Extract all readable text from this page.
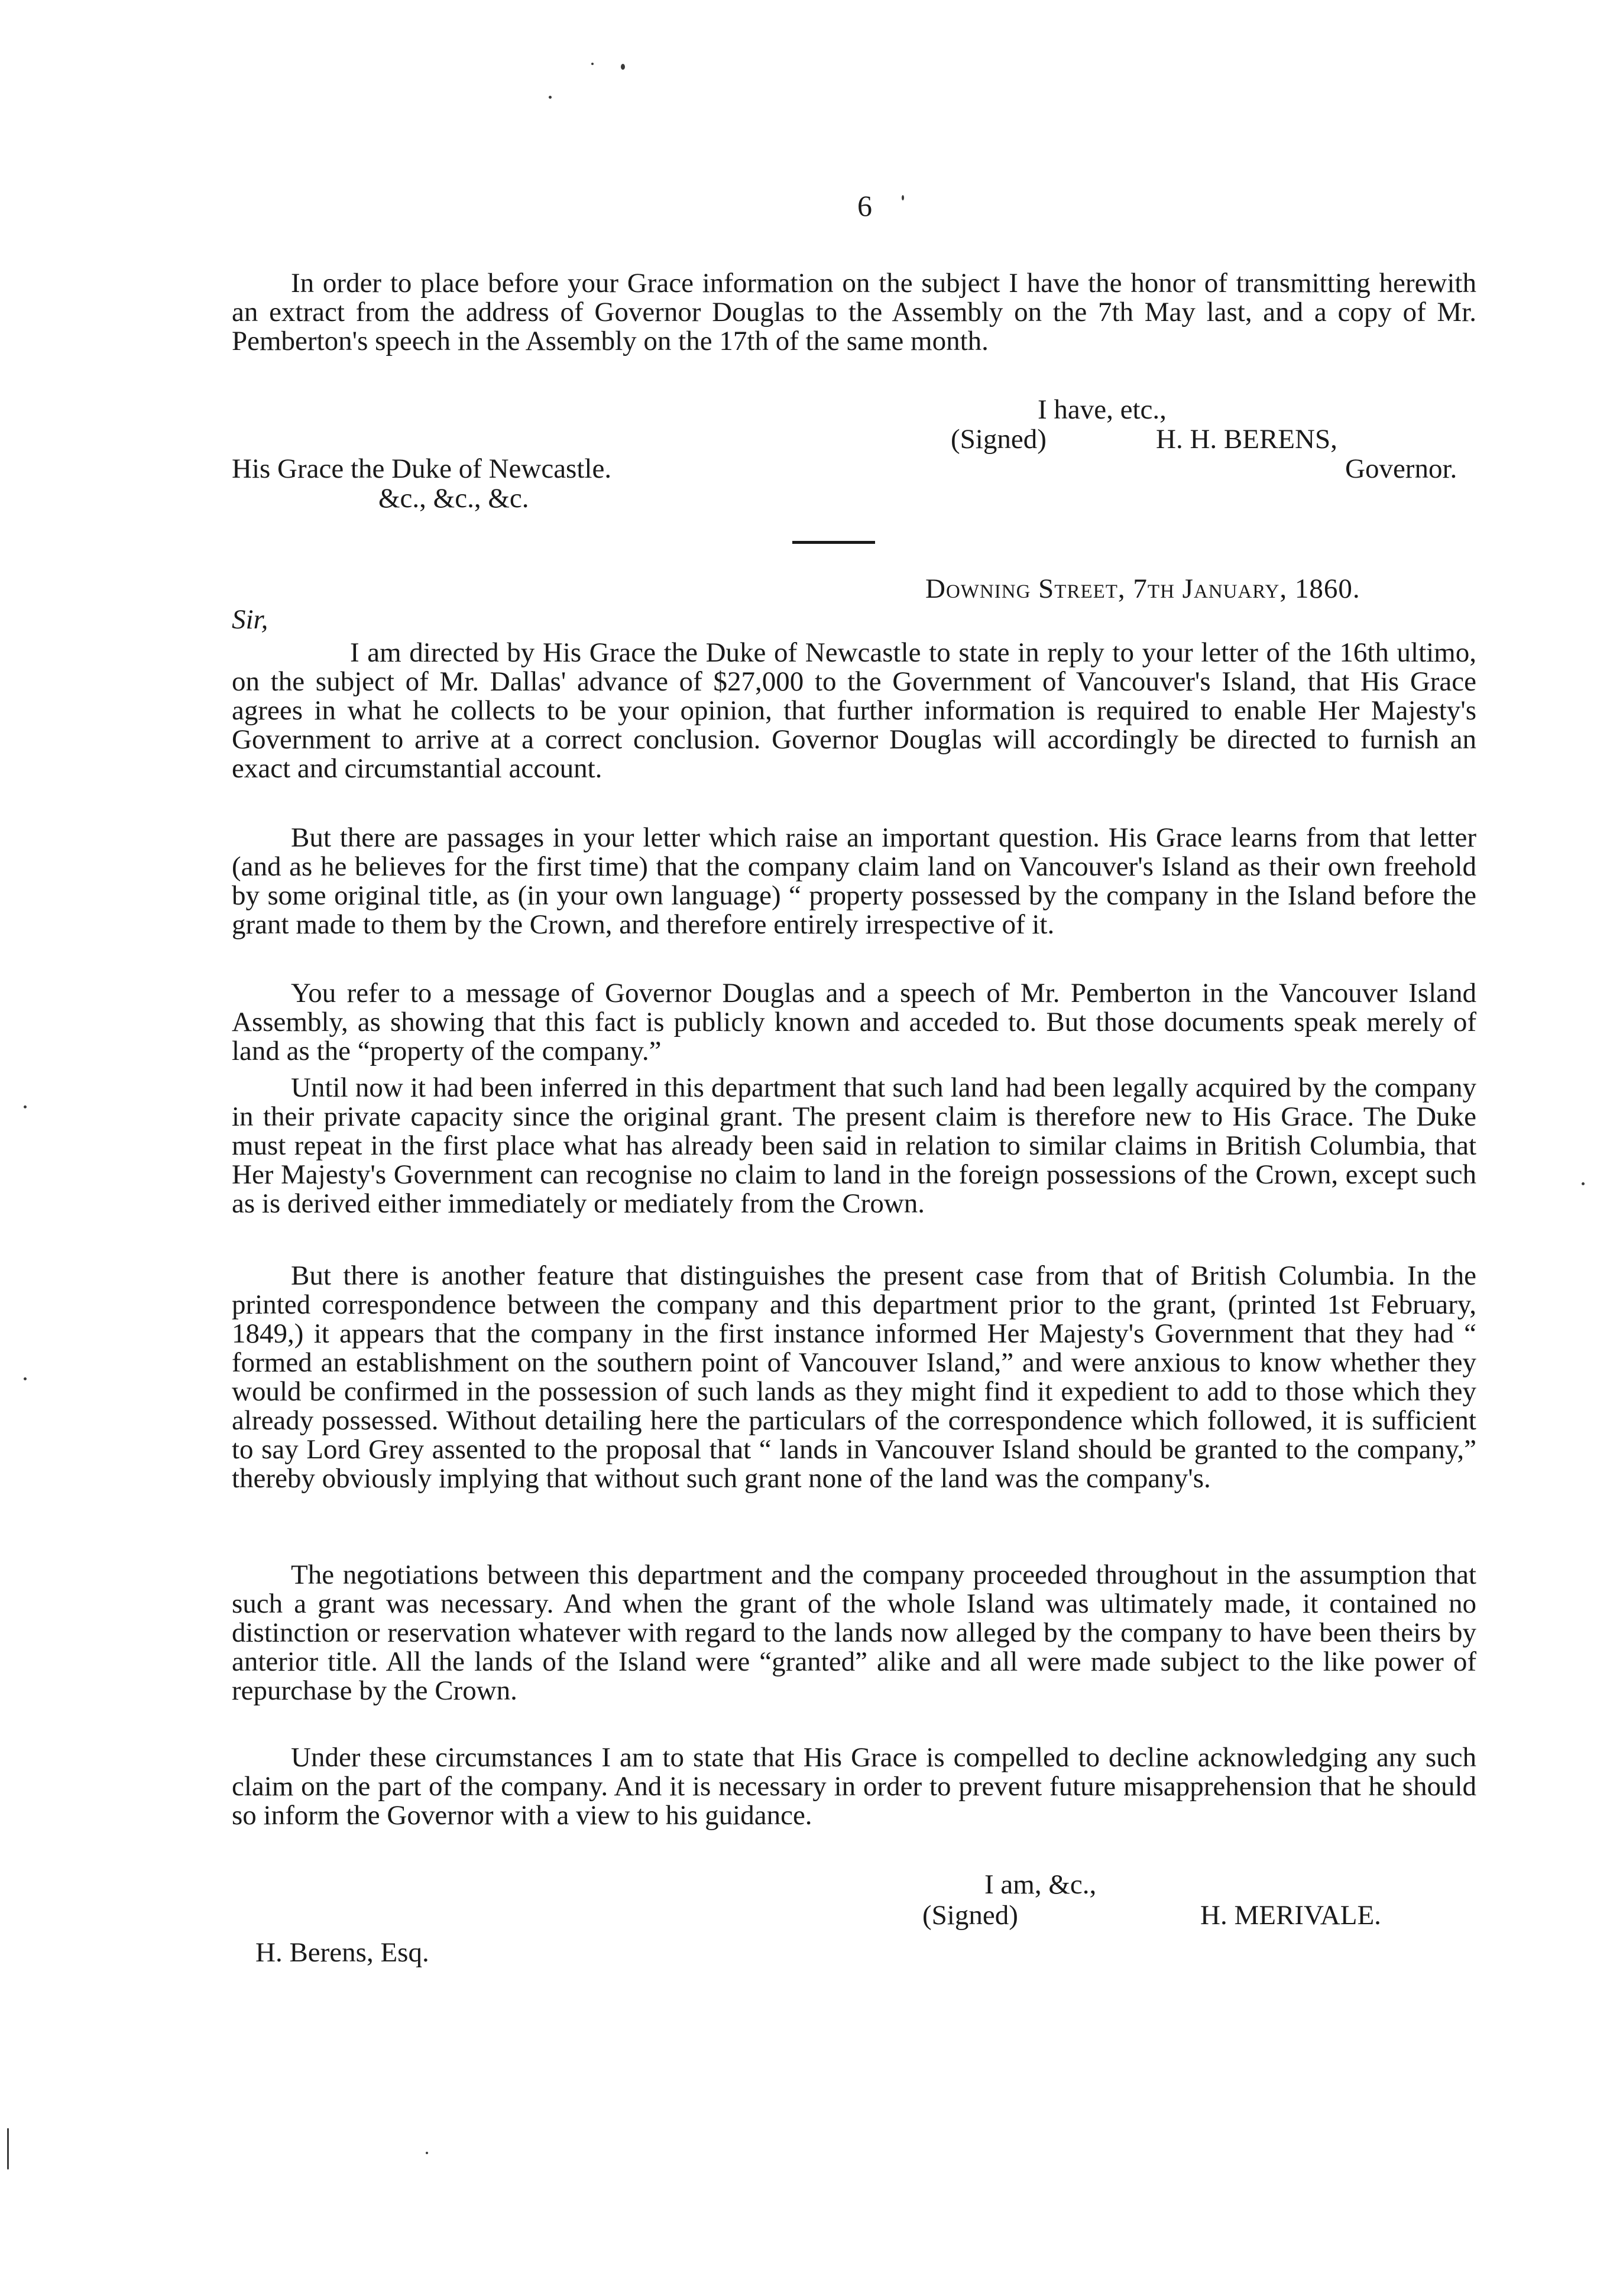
6
In order to place before your Grace information on the subject I have the honor of transmitting herewith an extract from the address of Governor Douglas to the Assembly on the 7th May last, and a copy of Mr. Pemberton's speech in the Assembly on the 17th of the same month.
I have, etc.,
(Signed)	H. H. BERENS,
His Grace the Duke of Newcastle.	Governor.
&c., &c., &c.
Downing Street, 7th January, 1860.
Sir,
I am directed by His Grace the Duke of Newcastle to state in reply to your letter of the 16th ultimo, on the subject of Mr. Dallas' advance of $27,000 to the Government of Vancouver's Island, that His Grace agrees in what he collects to be your opinion, that further information is required to enable Her Majesty's Government to arrive at a correct conclusion. Governor Douglas will accordingly be directed to furnish an exact and circumstantial account.
But there are passages in your letter which raise an important question. His Grace learns from that letter (and as he believes for the first time) that the company claim land on Vancouver's Island as their own freehold by some original title, as (in your own language) “ property possessed by the company in the Island before the grant made to them by the Crown, and therefore entirely irrespective of it.
You refer to a message of Governor Douglas and a speech of Mr. Pemberton in the Vancouver Island Assembly, as showing that this fact is publicly known and acceded to. But those documents speak merely of land as the “property of the company.”
Until now it had been inferred in this department that such land had been legally acquired by the company in their private capacity since the original grant. The present claim is therefore new to His Grace. The Duke must repeat in the first place what has already been said in relation to similar claims in British Columbia, that Her Majesty's Government can recognise no claim to land in the foreign possessions of the Crown, except such as is derived either immediately or mediately from the Crown.
But there is another feature that distinguishes the present case from that of British Columbia. In the printed correspondence between the company and this department prior to the grant, (printed 1st February, 1849,) it appears that the company in the first instance informed Her Majesty's Government that they had “ formed an establishment on the southern point of Vancouver Island,” and were anxious to know whether they would be confirmed in the possession of such lands as they might find it expedient to add to those which they already possessed. Without detailing here the particulars of the correspondence which followed, it is sufficient to say Lord Grey assented to the proposal that “ lands in Vancouver Island should be granted to the company,” thereby obviously implying that without such grant none of the land was the company's.
The negotiations between this department and the company proceeded throughout in the assumption that such a grant was necessary. And when the grant of the whole Island was ultimately made, it contained no distinction or reservation whatever with regard to the lands now alleged by the company to have been theirs by anterior title. All the lands of the Island were “granted” alike and all were made subject to the like power of repurchase by the Crown.
Under these circumstances I am to state that His Grace is compelled to decline acknowledging any such claim on the part of the company. And it is necessary in order to prevent future misapprehension that he should so inform the Governor with a view to his guidance.
I am, &c.,
(Signed)	H. MERIVALE.
H. Berens, Esq.
